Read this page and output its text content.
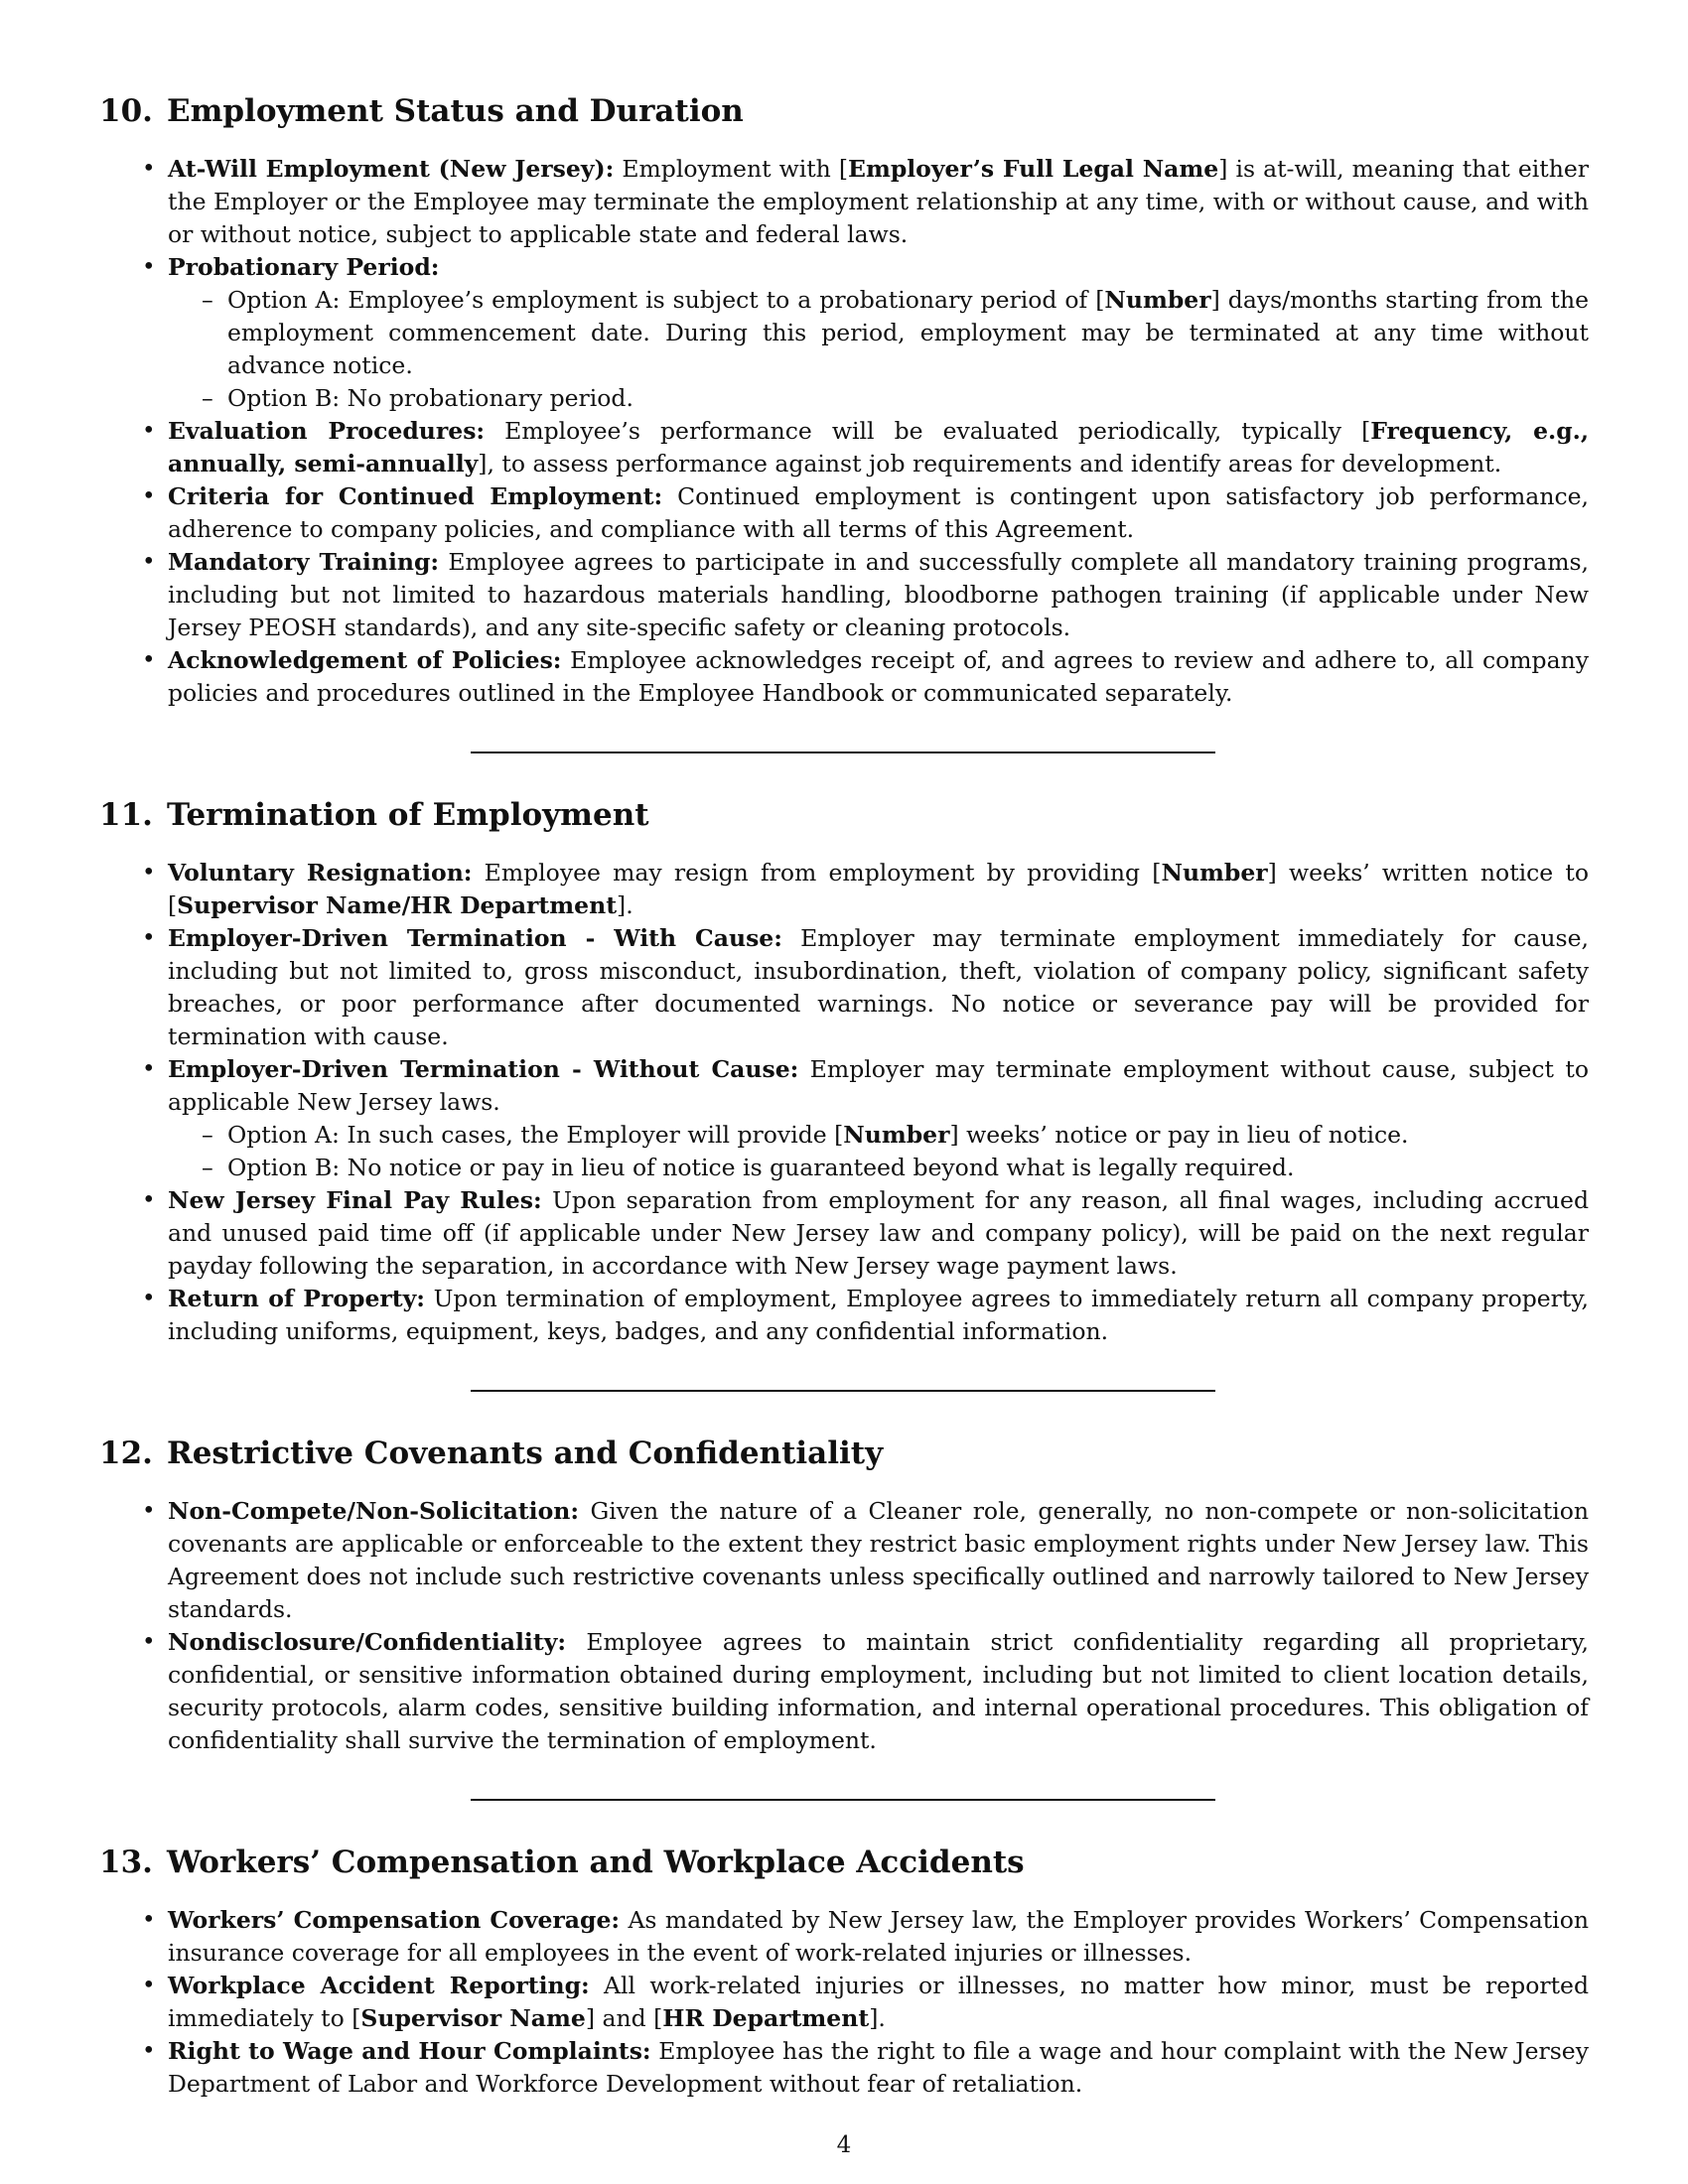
10. Employment Status and Duration
• At-Will Employment (New Jersey): Employment with [Employer’s Full Legal Name] is at-will, meaning that either the Employer or the Employee may terminate the employment relationship at any time, with or without cause, and with or without notice, subject to applicable state and federal laws.
• Probationary Period:
– Option A: Employee’s employment is subject to a probationary period of [Number] days/months starting from the employment commencement date. During this period, employment may be terminated at any time without advance notice.
– Option B: No probationary period.
• Evaluation Procedures: Employee’s performance will be evaluated periodically, typically [Frequency, e.g., annually, semi-annually], to assess performance against job requirements and identify areas for development.
• Criteria for Continued Employment: Continued employment is contingent upon satisfactory job performance, adherence to company policies, and compliance with all terms of this Agreement.
• Mandatory Training: Employee agrees to participate in and successfully complete all mandatory training programs, including but not limited to hazardous materials handling, bloodborne pathogen training (if applicable under New Jersey PEOSH standards), and any site-specific safety or cleaning protocols.
• Acknowledgement of Policies: Employee acknowledges receipt of, and agrees to review and adhere to, all company policies and procedures outlined in the Employee Handbook or communicated separately.
11. Termination of Employment
• Voluntary Resignation: Employee may resign from employment by providing [Number] weeks’ written notice to [Supervisor Name/HR Department].
• Employer-Driven Termination - With Cause: Employer may terminate employment immediately for cause, including but not limited to, gross misconduct, insubordination, theft, violation of company policy, significant safety breaches, or poor performance after documented warnings. No notice or severance pay will be provided for termination with cause.
• Employer-Driven Termination - Without Cause: Employer may terminate employment without cause, subject to applicable New Jersey laws.
– Option A: In such cases, the Employer will provide [Number] weeks’ notice or pay in lieu of notice.
– Option B: No notice or pay in lieu of notice is guaranteed beyond what is legally required.
• New Jersey Final Pay Rules: Upon separation from employment for any reason, all final wages, including accrued and unused paid time off (if applicable under New Jersey law and company policy), will be paid on the next regular payday following the separation, in accordance with New Jersey wage payment laws.
• Return of Property: Upon termination of employment, Employee agrees to immediately return all company property, including uniforms, equipment, keys, badges, and any confidential information.
12. Restrictive Covenants and Confidentiality
• Non-Compete/Non-Solicitation: Given the nature of a Cleaner role, generally, no non-compete or non-solicitation covenants are applicable or enforceable to the extent they restrict basic employment rights under New Jersey law. This Agreement does not include such restrictive covenants unless specifically outlined and narrowly tailored to New Jersey standards.
• Nondisclosure/Confidentiality: Employee agrees to maintain strict confidentiality regarding all proprietary, confidential, or sensitive information obtained during employment, including but not limited to client location details, security protocols, alarm codes, sensitive building information, and internal operational procedures. This obligation of confidentiality shall survive the termination of employment.
13. Workers’ Compensation and Workplace Accidents
• Workers’ Compensation Coverage: As mandated by New Jersey law, the Employer provides Workers’ Compensation insurance coverage for all employees in the event of work-related injuries or illnesses.
• Workplace Accident Reporting: All work-related injuries or illnesses, no matter how minor, must be reported immediately to [Supervisor Name] and [HR Department].
• Right to Wage and Hour Complaints: Employee has the right to file a wage and hour complaint with the New Jersey Department of Labor and Workforce Development without fear of retaliation.
4
